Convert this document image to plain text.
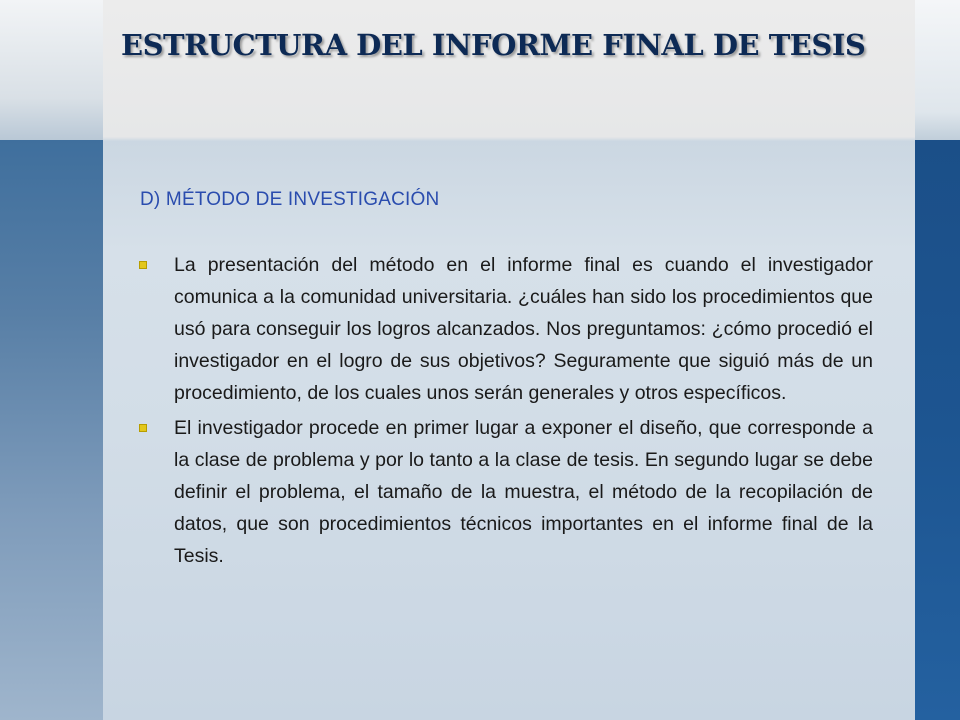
ESTRUCTURA DEL INFORME FINAL DE TESIS
D) MÉTODO DE INVESTIGACIÓN
La presentación del método en el informe final es cuando el investigador comunica a la comunidad universitaria. ¿cuáles han sido los procedimientos que usó para conseguir los logros alcanzados. Nos preguntamos: ¿cómo procedió el investigador en el logro de sus objetivos? Seguramente que siguió más de un procedimiento, de los cuales unos serán generales y otros específicos.
El investigador procede en primer lugar a exponer el diseño, que corresponde a la clase de problema y por lo tanto a la clase de tesis. En segundo lugar se debe definir el problema, el tamaño de la muestra, el método de la recopilación de datos, que son procedimientos técnicos importantes en el informe final de la Tesis.
